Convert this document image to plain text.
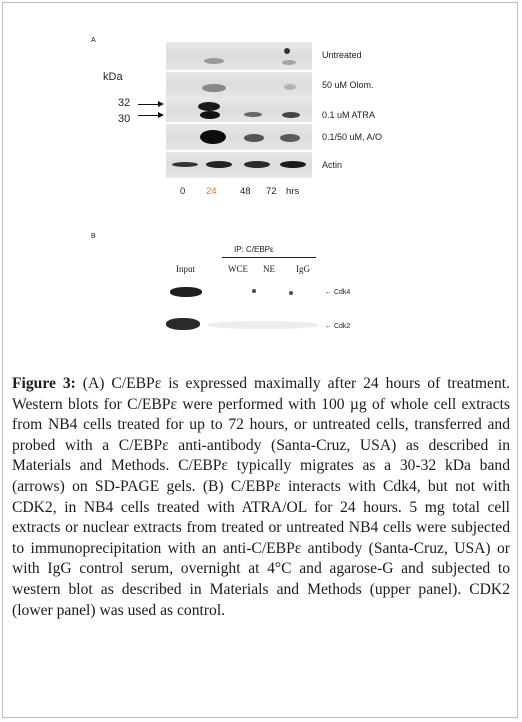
A
kDa
32
30
Untreated
50 uM Olom.
0.1 uM ATRA
0.1/50 uM, A/O
Actin
0 24 48 72 hrs
B
IP: C/EBPε
Input	WCE NE IgG
← Cdk4
← Cdk2
Figure 3: (A) C/EBPε is expressed maximally after 24 hours of treatment. Western blots for C/EBPε were performed with 100 µg of whole cell extracts from NB4 cells treated for up to 72 hours, or untreated cells, transferred and probed with a C/EBPε anti-antibody (Santa-Cruz, USA) as described in Materials and Methods. C/EBPε typically migrates as a 30-32 kDa band (arrows) on SD-PAGE gels. (B) C/EBPε interacts with Cdk4, but not with CDK2, in NB4 cells treated with ATRA/OL for 24 hours. 5 mg total cell extracts or nuclear extracts from treated or untreated NB4 cells were subjected to immunoprecipitation with an anti-C/EBPε antibody (Santa-Cruz, USA) or with IgG control serum, overnight at 4°C and agarose-G and subjected to western blot as described in Materials and Methods (upper panel). CDK2 (lower panel) was used as control.
